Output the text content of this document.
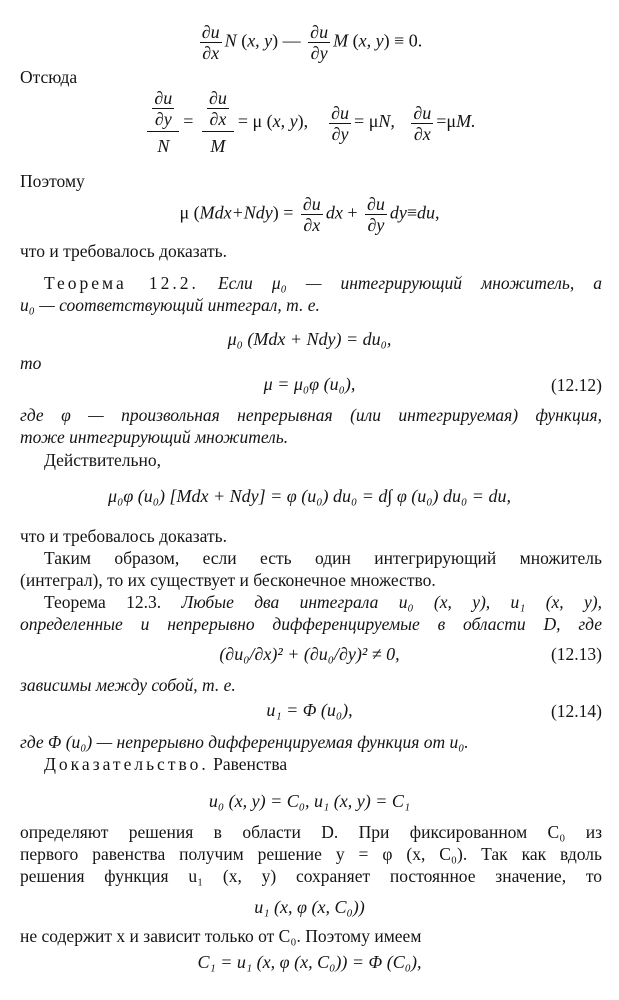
$\frac{\partial u}{\partial x}$ N (x, y) — $\frac{\partial u}{\partial y}$ M (x, y) ≡ 0.
Отсюда
$\frac{\frac{\partial u}{\partial y}}{N} = \frac{\frac{\partial u}{\partial x}}{M} = \mu$ (x, y), $\frac{\partial u}{\partial y} = \mu N$, $\frac{\partial u}{\partial x} =\mu M$.
Поэтому
μ $(Mdx+Ndy) = \frac{\partial u}{\partial x}$ dx + $\frac{\partial u}{\partial y} dy\equiv du$,
что и требовалось доказать.
Теорема 12.2. Если μ₀ — интегрирующий множитель, а
u₀ — соответствующий интеграл, т. е.
μ₀ (Mdx + Ndy) = du₀,
то
μ = μ₀φ (u₀),	(12.12)
где φ — произвольная непрерывная (или интегрируемая) функция,
тоже интегрирующий множитель.
Действительно,
μ₀φ (u₀) [Mdx + Ndy] = φ (u₀) du₀ = d∫ φ (u₀) du₀ = du,
что и требовалось доказать.
Таким образом, если есть один интегрирующий множитель
(интеграл), то их существует и бесконечное множество.
Теорема 12.3. Любые два интеграла u₀ (x, y), u₁ (x, y),
определенные и непрерывно дифференцируемые в области D, где
(∂u₀/∂x)² + (∂u₀/∂y)² ≠ 0,	(12.13)
зависимы между собой, т. е.
u₁ = Φ (u₀),	(12.14)
где Φ (u₀) — непрерывно дифференцируемая функция от u₀.
Доказательство. Равенства
u₀ (x, y) = C₀, u₁ (x, y) = C₁
определяют решения в области D. При фиксированном C₀ из
первого равенства получим решение y = φ (x, C₀). Так как вдоль
решения функция u₁ (x, y) сохраняет постоянное значение, то
u₁ (x, φ (x, C₀))
не содержит x и зависит только от C₀. Поэтому имеем
C₁ = u₁ (x, φ (x, C₀)) = Φ (C₀),
